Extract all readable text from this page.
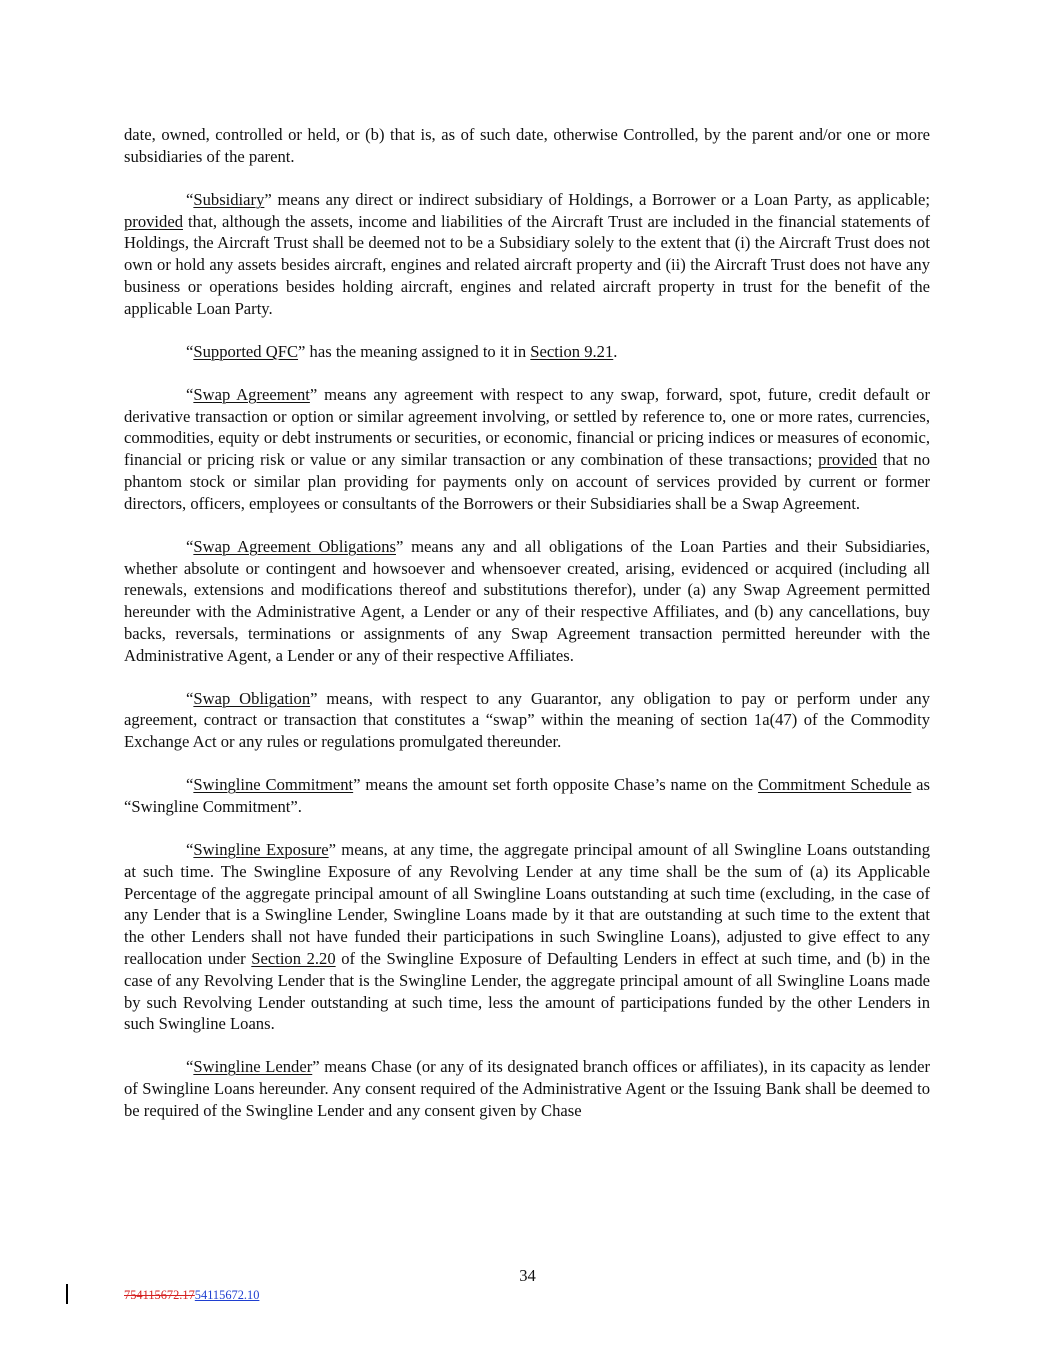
date, owned, controlled or held, or (b) that is, as of such date, otherwise Controlled, by the parent and/or one or more subsidiaries of the parent.

“Subsidiary” means any direct or indirect subsidiary of Holdings, a Borrower or a Loan Party, as applicable; provided that, although the assets, income and liabilities of the Aircraft Trust are included in the financial statements of Holdings, the Aircraft Trust shall be deemed not to be a Subsidiary solely to the extent that (i) the Aircraft Trust does not own or hold any assets besides aircraft, engines and related aircraft property and (ii) the Aircraft Trust does not have any business or operations besides holding aircraft, engines and related aircraft property in trust for the benefit of the applicable Loan Party.

“Supported QFC” has the meaning assigned to it in Section 9.21.

“Swap Agreement” means any agreement with respect to any swap, forward, spot, future, credit default or derivative transaction or option or similar agreement involving, or settled by reference to, one or more rates, currencies, commodities, equity or debt instruments or securities, or economic, financial or pricing indices or measures of economic, financial or pricing risk or value or any similar transaction or any combination of these transactions; provided that no phantom stock or similar plan providing for payments only on account of services provided by current or former directors, officers, employees or consultants of the Borrowers or their Subsidiaries shall be a Swap Agreement.

“Swap Agreement Obligations” means any and all obligations of the Loan Parties and their Subsidiaries, whether absolute or contingent and howsoever and whensoever created, arising, evidenced or acquired (including all renewals, extensions and modifications thereof and substitutions therefor), under (a) any Swap Agreement permitted hereunder with the Administrative Agent, a Lender or any of their respective Affiliates, and (b) any cancellations, buy backs, reversals, terminations or assignments of any Swap Agreement transaction permitted hereunder with the Administrative Agent, a Lender or any of their respective Affiliates.

“Swap Obligation” means, with respect to any Guarantor, any obligation to pay or perform under any agreement, contract or transaction that constitutes a “swap” within the meaning of section 1a(47) of the Commodity Exchange Act or any rules or regulations promulgated thereunder.

“Swingline Commitment” means the amount set forth opposite Chase’s name on the Commitment Schedule as “Swingline Commitment”.

“Swingline Exposure” means, at any time, the aggregate principal amount of all Swingline Loans outstanding at such time. The Swingline Exposure of any Revolving Lender at any time shall be the sum of (a) its Applicable Percentage of the aggregate principal amount of all Swingline Loans outstanding at such time (excluding, in the case of any Lender that is a Swingline Lender, Swingline Loans made by it that are outstanding at such time to the extent that the other Lenders shall not have funded their participations in such Swingline Loans), adjusted to give effect to any reallocation under Section 2.20 of the Swingline Exposure of Defaulting Lenders in effect at such time, and (b) in the case of any Revolving Lender that is the Swingline Lender, the aggregate principal amount of all Swingline Loans made by such Revolving Lender outstanding at such time, less the amount of participations funded by the other Lenders in such Swingline Loans.

“Swingline Lender” means Chase (or any of its designated branch offices or affiliates), in its capacity as lender of Swingline Loans hereunder. Any consent required of the Administrative Agent or the Issuing Bank shall be deemed to be required of the Swingline Lender and any consent given by Chase

34
754115672.1754115672.10
